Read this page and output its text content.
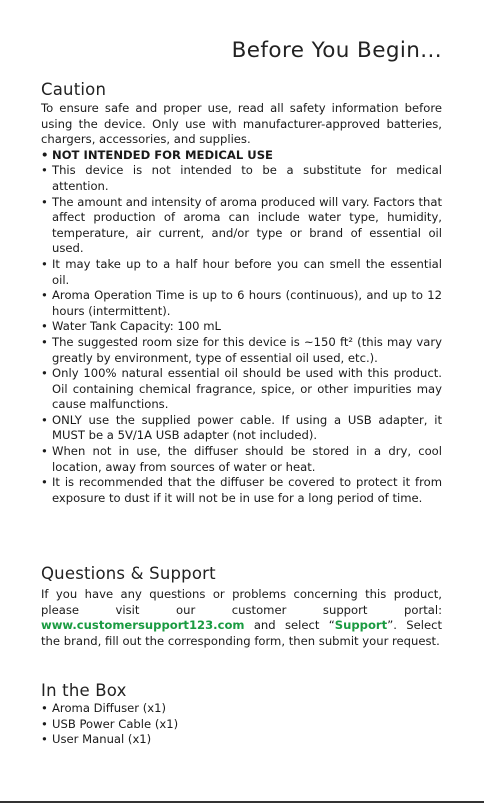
Before You Begin...
Caution

To ensure safe and proper use, read all safety information before using the device. Only use with manufacturer-approved batteries, chargers, accessories, and supplies.

• NOT INTENDED FOR MEDICAL USE
• This device is not intended to be a substitute for medical attention.
• The amount and intensity of aroma produced will vary. Factors that affect production of aroma can include water type, humidity, temperature, air current, and/or type or brand of essential oil used.
• It may take up to a half hour before you can smell the essential oil.
• Aroma Operation Time is up to 6 hours (continuous), and up to 12 hours (intermittent).
• Water Tank Capacity: 100 mL
• The suggested room size for this device is ~150 ft² (this may vary greatly by environment, type of essential oil used, etc.).
• Only 100% natural essential oil should be used with this product. Oil containing chemical fragrance, spice, or other impurities may cause malfunctions.
• ONLY use the supplied power cable. If using a USB adapter, it MUST be a 5V/1A USB adapter (not included).
• When not in use, the diffuser should be stored in a dry, cool location, away from sources of water or heat.
• It is recommended that the diffuser be covered to protect it from exposure to dust if it will not be in use for a long period of time.
Questions & Support

If you have any questions or problems concerning this product, please visit our customer support portal: www.customersupport123.com and select “Support”. Select the brand, fill out the corresponding form, then submit your request.

In the Box
• Aroma Diffuser (x1)
• USB Power Cable (x1)
• User Manual (x1)
